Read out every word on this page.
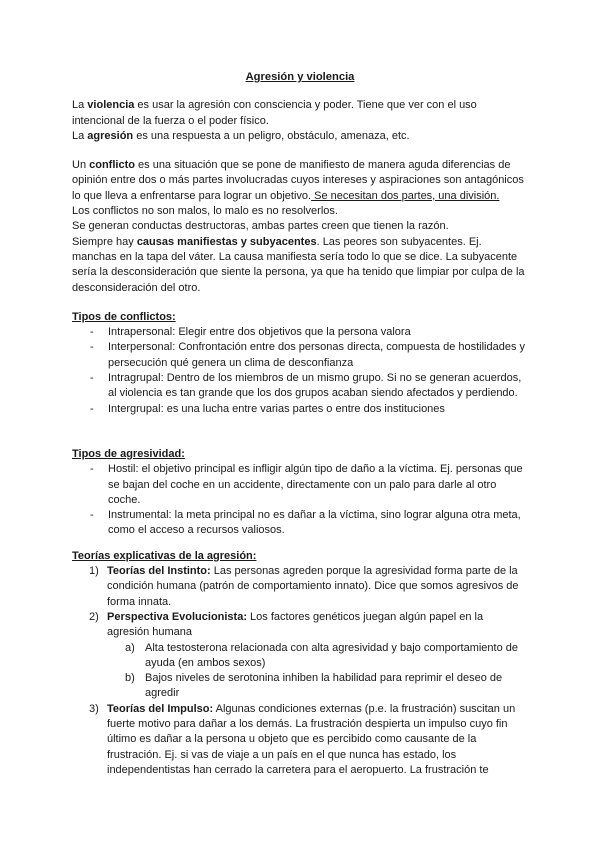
Agresión y violencia

La violencia es usar la agresión con consciencia y poder. Tiene que ver con el uso intencional de la fuerza o el poder físico.

La agresión es una respuesta a un peligro, obstáculo, amenaza, etc.

Un conflicto es una situación que se pone de manifiesto de manera aguda diferencias de opinión entre dos o más partes involucradas cuyos intereses y aspiraciones son antagónicos lo que lleva a enfrentarse para lograr un objetivo. Se necesitan dos partes, una división.

Los conflictos no son malos, lo malo es no resolverlos.

Se generan conductas destructoras, ambas partes creen que tienen la razón.

Siempre hay causas manifiestas y subyacentes. Las peores son subyacentes. Ej. manchas en la tapa del váter. La causa manifiesta sería todo lo que se dice. La subyacente sería la desconsideración que siente la persona, ya que ha tenido que limpiar por culpa de la desconsideración del otro.

Tipos de conflictos:

- Intrapersonal: Elegir entre dos objetivos que la persona valora
- Interpersonal: Confrontación entre dos personas directa, compuesta de hostilidades y persecución qué genera un clima de desconfianza
- Intragrupal: Dentro de los miembros de un mismo grupo. Si no se generan acuerdos, al violencia es tan grande que los dos grupos acaban siendo afectados y perdiendo.
- Intergrupal: es una lucha entre varias partes o entre dos instituciones

Tipos de agresividad:

- Hostil: el objetivo principal es infligir algún tipo de daño a la víctima. Ej. personas que se bajan del coche en un accidente, directamente con un palo para darle al otro coche.
- Instrumental: la meta principal no es dañar a la víctima, sino lograr alguna otra meta, como el acceso a recursos valiosos.

Teorías explicativas de la agresión:

1) Teorías del Instinto: Las personas agreden porque la agresividad forma parte de la condición humana (patrón de comportamiento innato). Dice que somos agresivos de forma innata.
2) Perspectiva Evolucionista: Los factores genéticos juegan algún papel en la agresión humana
a) Alta testosterona relacionada con alta agresividad y bajo comportamiento de ayuda (en ambos sexos)
b) Bajos niveles de serotonina inhiben la habilidad para reprimir el deseo de agredir
3) Teorías del Impulso: Algunas condiciones externas (p.e. la frustración) suscitan un fuerte motivo para dañar a los demás. La frustración despierta un impulso cuyo fin último es dañar a la persona u objeto que es percibido como causante de la frustración. Ej. si vas de viaje a un país en el que nunca has estado, los independentistas han cerrado la carretera para el aeropuerto. La frustración te
